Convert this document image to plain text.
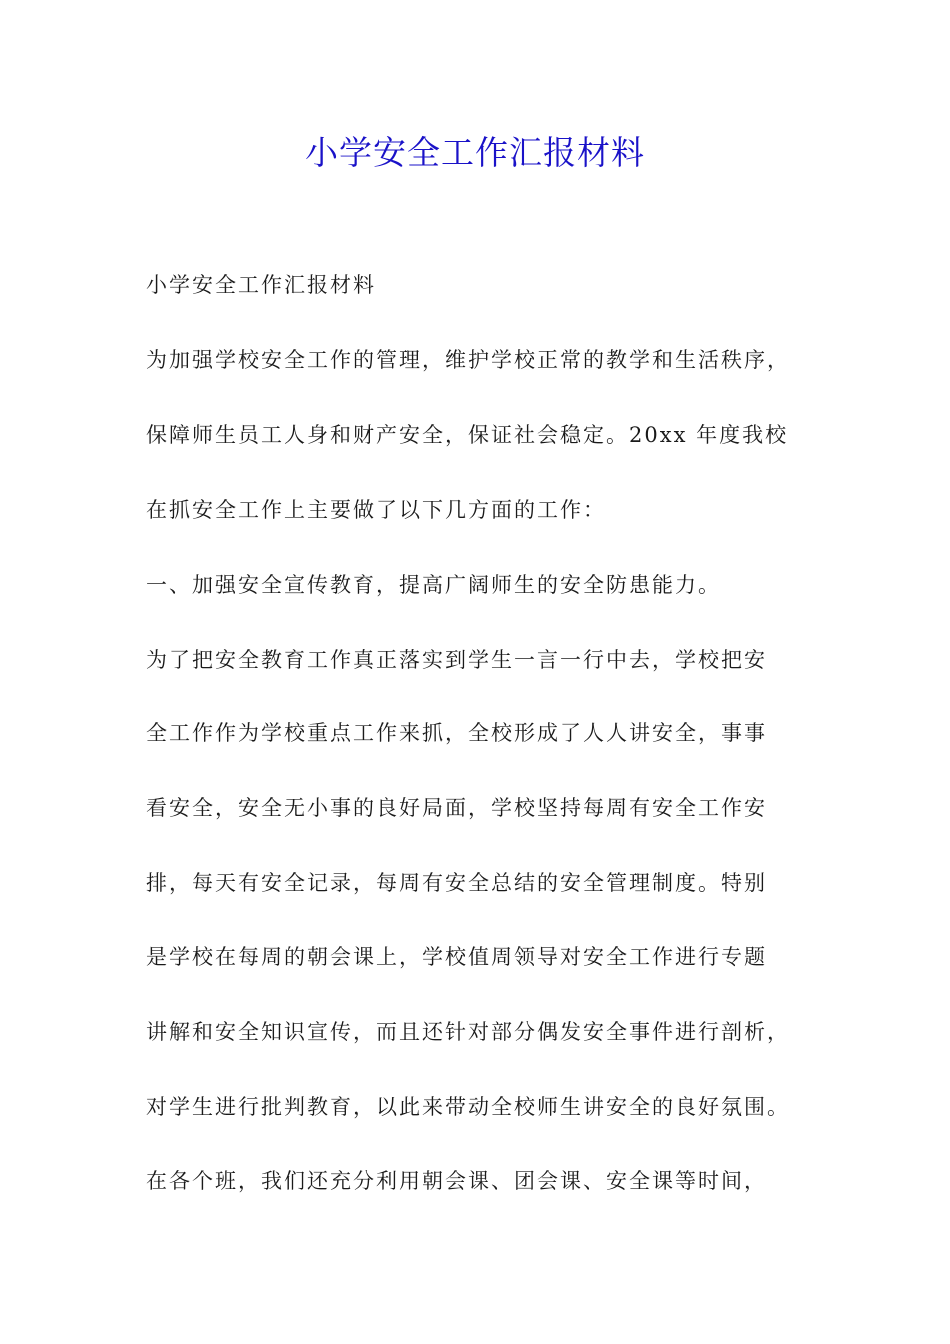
小学安全工作汇报材料
小学安全工作汇报材料
为加强学校安全工作的管理，维护学校正常的教学和生活秩序，
保障师生员工人身和财产安全，保证社会稳定。20xx 年度我校
在抓安全工作上主要做了以下几方面的工作：
一、加强安全宣传教育，提高广阔师生的安全防患能力。
为了把安全教育工作真正落实到学生一言一行中去，学校把安
全工作作为学校重点工作来抓，全校形成了人人讲安全，事事
看安全，安全无小事的良好局面，学校坚持每周有安全工作安
排，每天有安全记录，每周有安全总结的安全管理制度。特别
是学校在每周的朝会课上，学校值周领导对安全工作进行专题
讲解和安全知识宣传，而且还针对部分偶发安全事件进行剖析，
对学生进行批判教育，以此来带动全校师生讲安全的良好氛围。
在各个班，我们还充分利用朝会课、团会课、安全课等时间，
